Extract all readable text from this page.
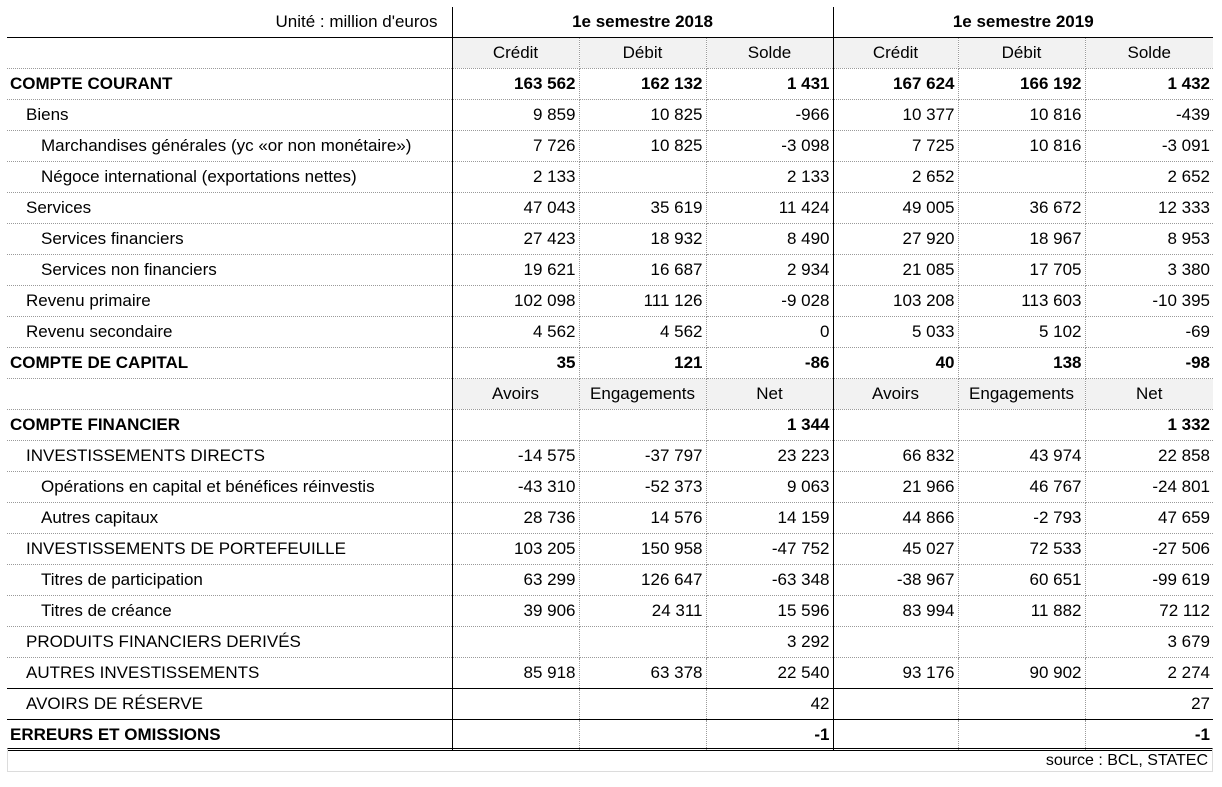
Unité : million d'euros	1e semestre 2018			1e semestre 2019		
	Crédit	Débit	Solde	Crédit	Débit	Solde
COMPTE COURANT	163 562	162 132	1 431	167 624	166 192	1 432
Biens	9 859	10 825	-966	10 377	10 816	-439
Marchandises générales (yc «or non monétaire»)	7 726	10 825	-3 098	7 725	10 816	-3 091
Négoce international (exportations nettes)	2 133		2 133	2 652		2 652
Services	47 043	35 619	11 424	49 005	36 672	12 333
Services financiers	27 423	18 932	8 490	27 920	18 967	8 953
Services non financiers	19 621	16 687	2 934	21 085	17 705	3 380
Revenu primaire	102 098	111 126	-9 028	103 208	113 603	-10 395
Revenu secondaire	4 562	4 562	0	5 033	5 102	-69
COMPTE DE CAPITAL	35	121	-86	40	138	-98
	Avoirs	Engagements	Net	Avoirs	Engagements	Net
COMPTE FINANCIER			1 344			1 332
INVESTISSEMENTS DIRECTS	-14 575	-37 797	23 223	66 832	43 974	22 858
Opérations en capital et bénéfices réinvestis	-43 310	-52 373	9 063	21 966	46 767	-24 801
Autres capitaux	28 736	14 576	14 159	44 866	-2 793	47 659
INVESTISSEMENTS DE PORTEFEUILLE	103 205	150 958	-47 752	45 027	72 533	-27 506
Titres de participation	63 299	126 647	-63 348	-38 967	60 651	-99 619
Titres de créance	39 906	24 311	15 596	83 994	11 882	72 112
PRODUITS FINANCIERS DERIVÉS			3 292			3 679
AUTRES INVESTISSEMENTS	85 918	63 378	22 540	93 176	90 902	2 274
AVOIRS DE RÉSERVE			42			27
ERREURS ET OMISSIONS			-1			-1
source : BCL, STATEC
